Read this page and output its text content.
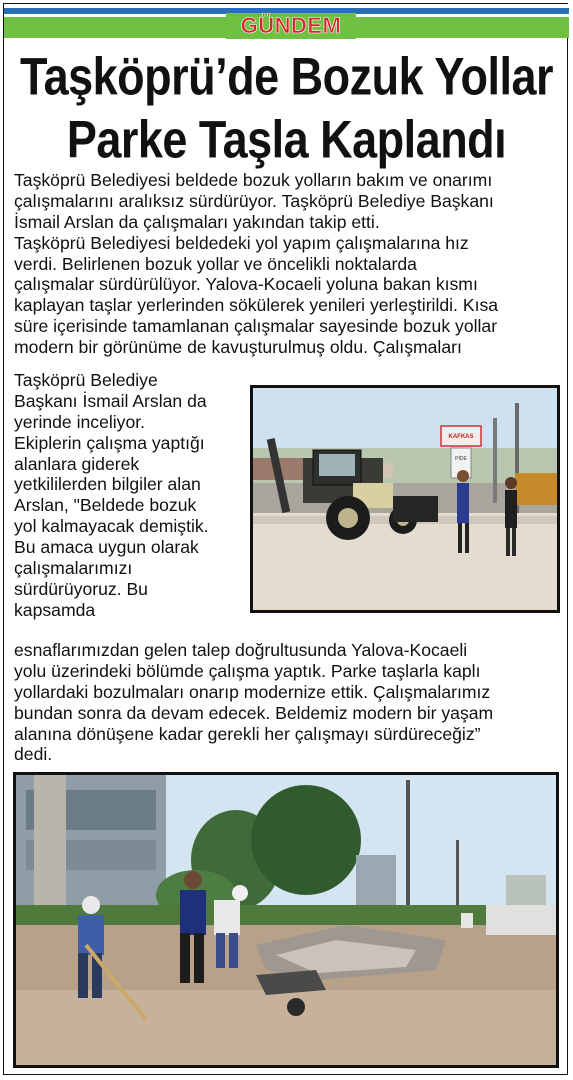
GÜNDEM
Taşköprü’de Bozuk Yollar
Parke Taşla Kaplandı
Taşköprü Belediyesi beldede bozuk yolların bakım ve onarımı
çalışmalarını aralıksız sürdürüyor. Taşköprü Belediye Başkanı
İsmail Arslan da çalışmaları yakından takip etti.
Taşköprü Belediyesi beldedeki yol yapım çalışmalarına hız
verdi. Belirlenen bozuk yollar ve öncelikli noktalarda
çalışmalar sürdürülüyor. Yalova-Kocaeli yoluna bakan kısmı
kaplayan taşlar yerlerinden sökülerek yenileri yerleştirildi. Kısa
süre içerisinde tamamlanan çalışmalar sayesinde bozuk yollar
modern bir görünüme de kavuşturulmuş oldu. Çalışmaları
Taşköprü Belediye
Başkanı İsmail Arslan da
yerinde inceliyor.
Ekiplerin çalışma yaptığı
alanlara giderek
yetkililerden bilgiler alan
Arslan, "Beldede bozuk
yol kalmayacak demiştik.
Bu amaca uygun olarak
çalışmalarımızı
sürdürüyoruz. Bu
kapsamda
esnaflarımızdan gelen talep doğrultusunda Yalova-Kocaeli
yolu üzerindeki bölümde çalışma yaptık. Parke taşlarla kaplı
yollardaki bozulmaları onarıp modernize ettik. Çalışmalarımız
bundan sonra da devam edecek. Beldemiz modern bir yaşam
alanına dönüşene kadar gerekli her çalışmayı sürdüreceğiz”
dedi.
KAFKAS
PİDE
